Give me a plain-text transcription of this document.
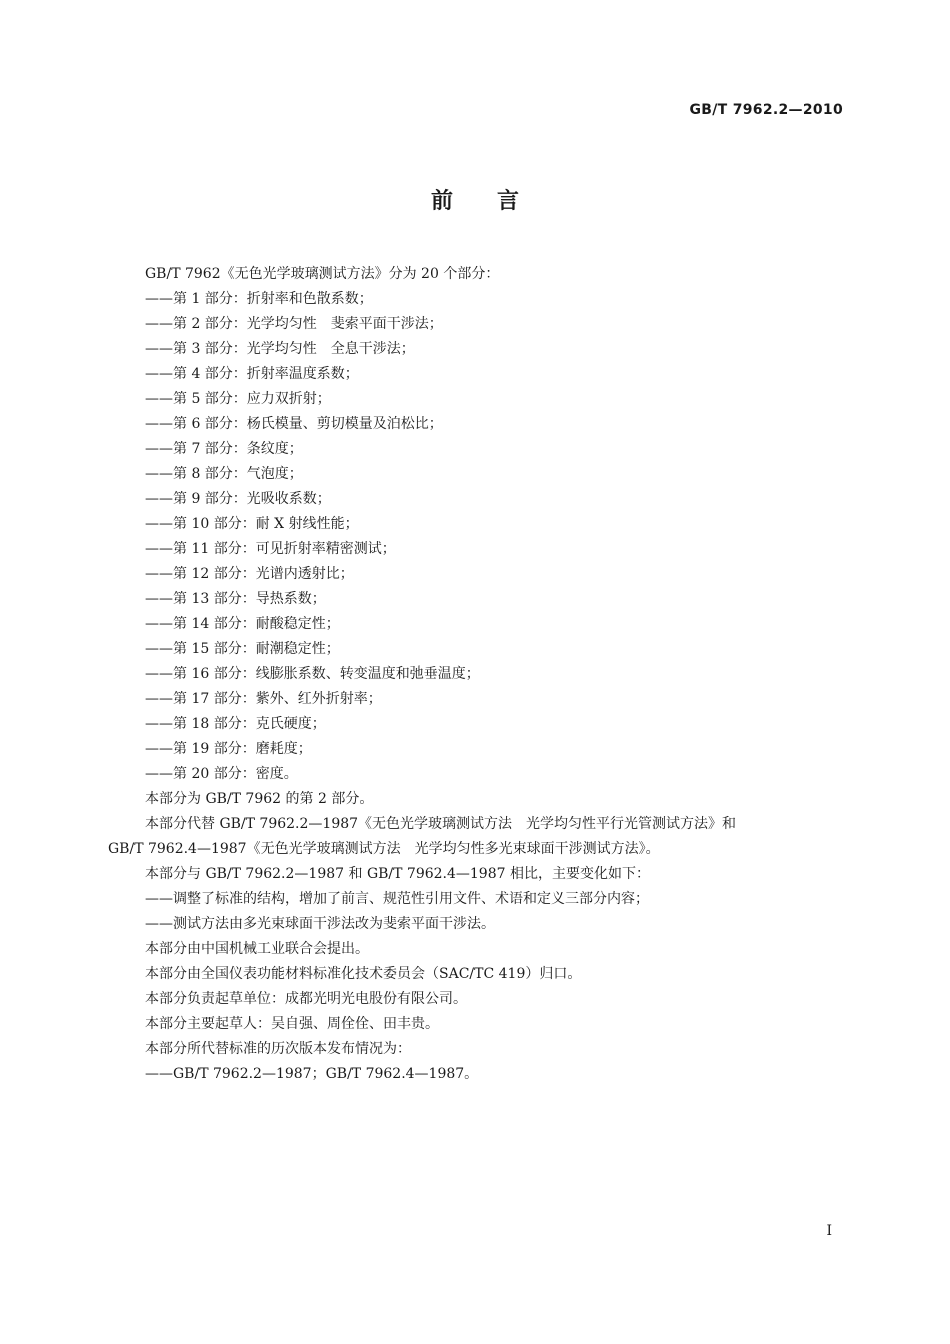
GB/T 7962.2—2010
前言

GB/T 7962《无色光学玻璃测试方法》分为 20 个部分：

——第 1 部分：折射率和色散系数；

——第 2 部分：光学均匀性　斐索平面干涉法；

——第 3 部分：光学均匀性　全息干涉法；

——第 4 部分：折射率温度系数；

——第 5 部分：应力双折射；

——第 6 部分：杨氏模量、剪切模量及泊松比；

——第 7 部分：条纹度；

——第 8 部分：气泡度；

——第 9 部分：光吸收系数；

——第 10 部分：耐 X 射线性能；

——第 11 部分：可见折射率精密测试；

——第 12 部分：光谱内透射比；

——第 13 部分：导热系数；

——第 14 部分：耐酸稳定性；

——第 15 部分：耐潮稳定性；

——第 16 部分：线膨胀系数、转变温度和弛垂温度；

——第 17 部分：紫外、红外折射率；

——第 18 部分：克氏硬度；

——第 19 部分：磨耗度；

——第 20 部分：密度。

本部分为 GB/T 7962 的第 2 部分。

本部分代替 GB/T 7962.2—1987《无色光学玻璃测试方法　光学均匀性平行光管测试方法》和

GB/T 7962.4—1987《无色光学玻璃测试方法　光学均匀性多光束球面干涉测试方法》。

本部分与 GB/T 7962.2—1987 和 GB/T 7962.4—1987 相比，主要变化如下：

——调整了标准的结构，增加了前言、规范性引用文件、术语和定义三部分内容；

——测试方法由多光束球面干涉法改为斐索平面干涉法。

本部分由中国机械工业联合会提出。

本部分由全国仪表功能材料标准化技术委员会（SAC/TC 419）归口。

本部分负责起草单位：成都光明光电股份有限公司。

本部分主要起草人：吴自强、周佺佺、田丰贵。

本部分所代替标准的历次版本发布情况为：

——GB/T 7962.2—1987；GB/T 7962.4—1987。

I
